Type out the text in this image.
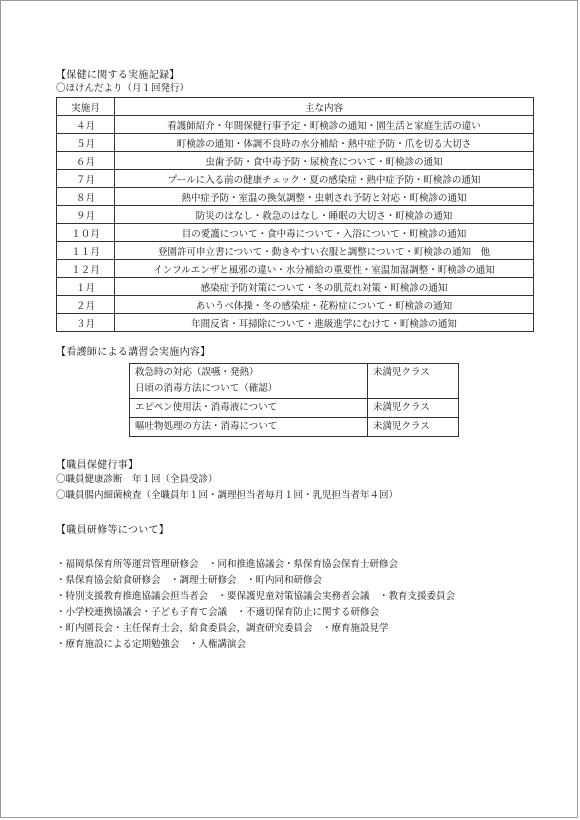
【保健に関する実施記録】
〇ほけんだより（月１回発行）
実施月	主な内容
４月	看護師紹介・年間保健行事予定・町検診の通知・園生活と家庭生活の違い
５月	町検診の通知・体調不良時の水分補給・熱中症予防・爪を切る大切さ
６月	虫歯予防・食中毒予防・尿検査について・町検診の通知
７月	プールに入る前の健康チェック・夏の感染症・熱中症予防・町検診の通知
８月	熱中症予防・室温の換気調整・虫刺され予防と対応・町検診の通知
９月	防災のはなし・救急のはなし・睡眠の大切さ・町検診の通知
１０月	目の愛護について・食中毒について・入浴について・町検診の通知
１１月	登園許可申立書について・動きやすい衣服と調整について・町検診の通知　他
１２月	インフルエンザと風邪の違い・水分補給の重要性・室温加湿調整・町検診の通知
１月	感染症予防対策について・冬の肌荒れ対策・町検診の通知
２月	あいうべ体操・冬の感染症・花粉症について・町検診の通知
３月	年間反省・耳掃除について・進級進学にむけて・町検診の通知
【看護師による講習会実施内容】
救急時の対応（誤嚥・発熱）
日頃の消毒方法について（確認）	未満児クラス

エピペン使用法・消毒液について	未満児クラス

嘔吐物処理の方法・消毒について	未満児クラス
【職員保健行事】
〇職員健康診断　年１回（全員受診）
〇職員腸内細菌検査（全職員年１回・調理担当者毎月１回・乳児担当者年４回）
【職員研修等について】
・福岡県保育所等運営管理研修会　・同和推進協議会・県保育協会保育士研修会
・県保育協会給食研修会　・調理士研修会　・町内同和研修会
・特別支援教育推進協議会担当者会　・要保護児童対策協議会実務者会議　・教育支援委員会
・小学校連携協議会・子ども子育て会議　・不適切保育防止に関する研修会
・町内園長会・主任保育士会，給食委員会，調査研究委員会　・療育施設見学
・療育施設による定期勉強会　・人権講演会
